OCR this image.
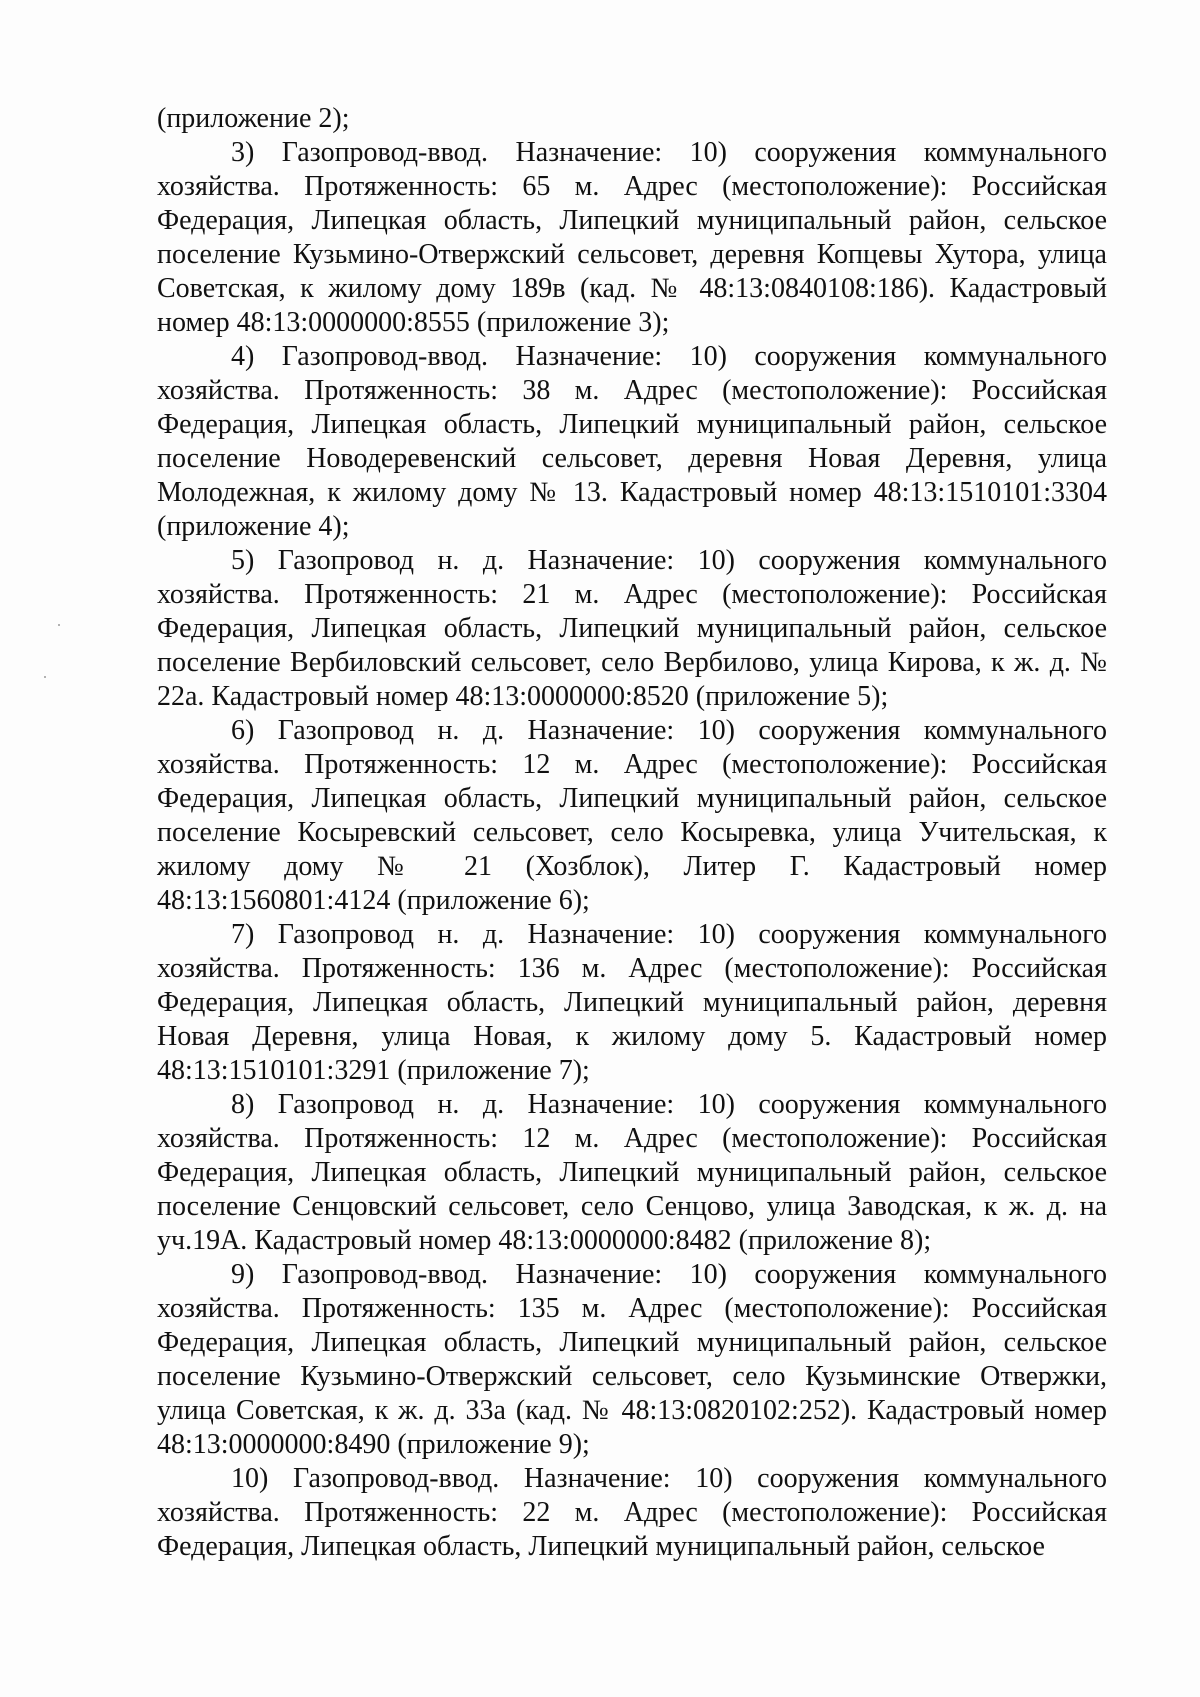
(приложение 2);

3) Газопровод-ввод. Назначение: 10) сооружения коммунального хозяйства. Протяженность: 65 м. Адрес (местоположение): Российская Федерация, Липецкая область, Липецкий муниципальный район, сельское поселение Кузьмино-Отвержский сельсовет, деревня Копцевы Хутора, улица Советская, к жилому дому 189в (кад. № 48:13:0840108:186). Кадастровый номер 48:13:0000000:8555 (приложение 3);

4) Газопровод-ввод. Назначение: 10) сооружения коммунального хозяйства. Протяженность: 38 м. Адрес (местоположение): Российская Федерация, Липецкая область, Липецкий муниципальный район, сельское поселение Новодеревенский сельсовет, деревня Новая Деревня, улица Молодежная, к жилому дому № 13. Кадастровый номер 48:13:1510101:3304 (приложение 4);

5) Газопровод н. д. Назначение: 10) сооружения коммунального хозяйства. Протяженность: 21 м. Адрес (местоположение): Российская Федерация, Липецкая область, Липецкий муниципальный район, сельское поселение Вербиловский сельсовет, село Вербилово, улица Кирова, к ж. д. № 22а. Кадастровый номер 48:13:0000000:8520 (приложение 5);

6) Газопровод н. д. Назначение: 10) сооружения коммунального хозяйства. Протяженность: 12 м. Адрес (местоположение): Российская Федерация, Липецкая область, Липецкий муниципальный район, сельское поселение Косыревский сельсовет, село Косыревка, улица Учительская, к жилому дому № 21 (Хозблок), Литер Г. Кадастровый номер 48:13:1560801:4124 (приложение 6);

7) Газопровод н. д. Назначение: 10) сооружения коммунального хозяйства. Протяженность: 136 м. Адрес (местоположение): Российская Федерация, Липецкая область, Липецкий муниципальный район, деревня Новая Деревня, улица Новая, к жилому дому 5. Кадастровый номер 48:13:1510101:3291 (приложение 7);

8) Газопровод н. д. Назначение: 10) сооружения коммунального хозяйства. Протяженность: 12 м. Адрес (местоположение): Российская Федерация, Липецкая область, Липецкий муниципальный район, сельское поселение Сенцовский сельсовет, село Сенцово, улица Заводская, к ж. д. на уч.19А. Кадастровый номер 48:13:0000000:8482 (приложение 8);

9) Газопровод-ввод. Назначение: 10) сооружения коммунального хозяйства. Протяженность: 135 м. Адрес (местоположение): Российская Федерация, Липецкая область, Липецкий муниципальный район, сельское поселение Кузьмино-Отвержский сельсовет, село Кузьминские Отвержки, улица Советская, к ж. д. 33а (кад. № 48:13:0820102:252). Кадастровый номер 48:13:0000000:8490 (приложение 9);

10) Газопровод-ввод. Назначение: 10) сооружения коммунального хозяйства. Протяженность: 22 м. Адрес (местоположение): Российская Федерация, Липецкая область, Липецкий муниципальный район, сельское
